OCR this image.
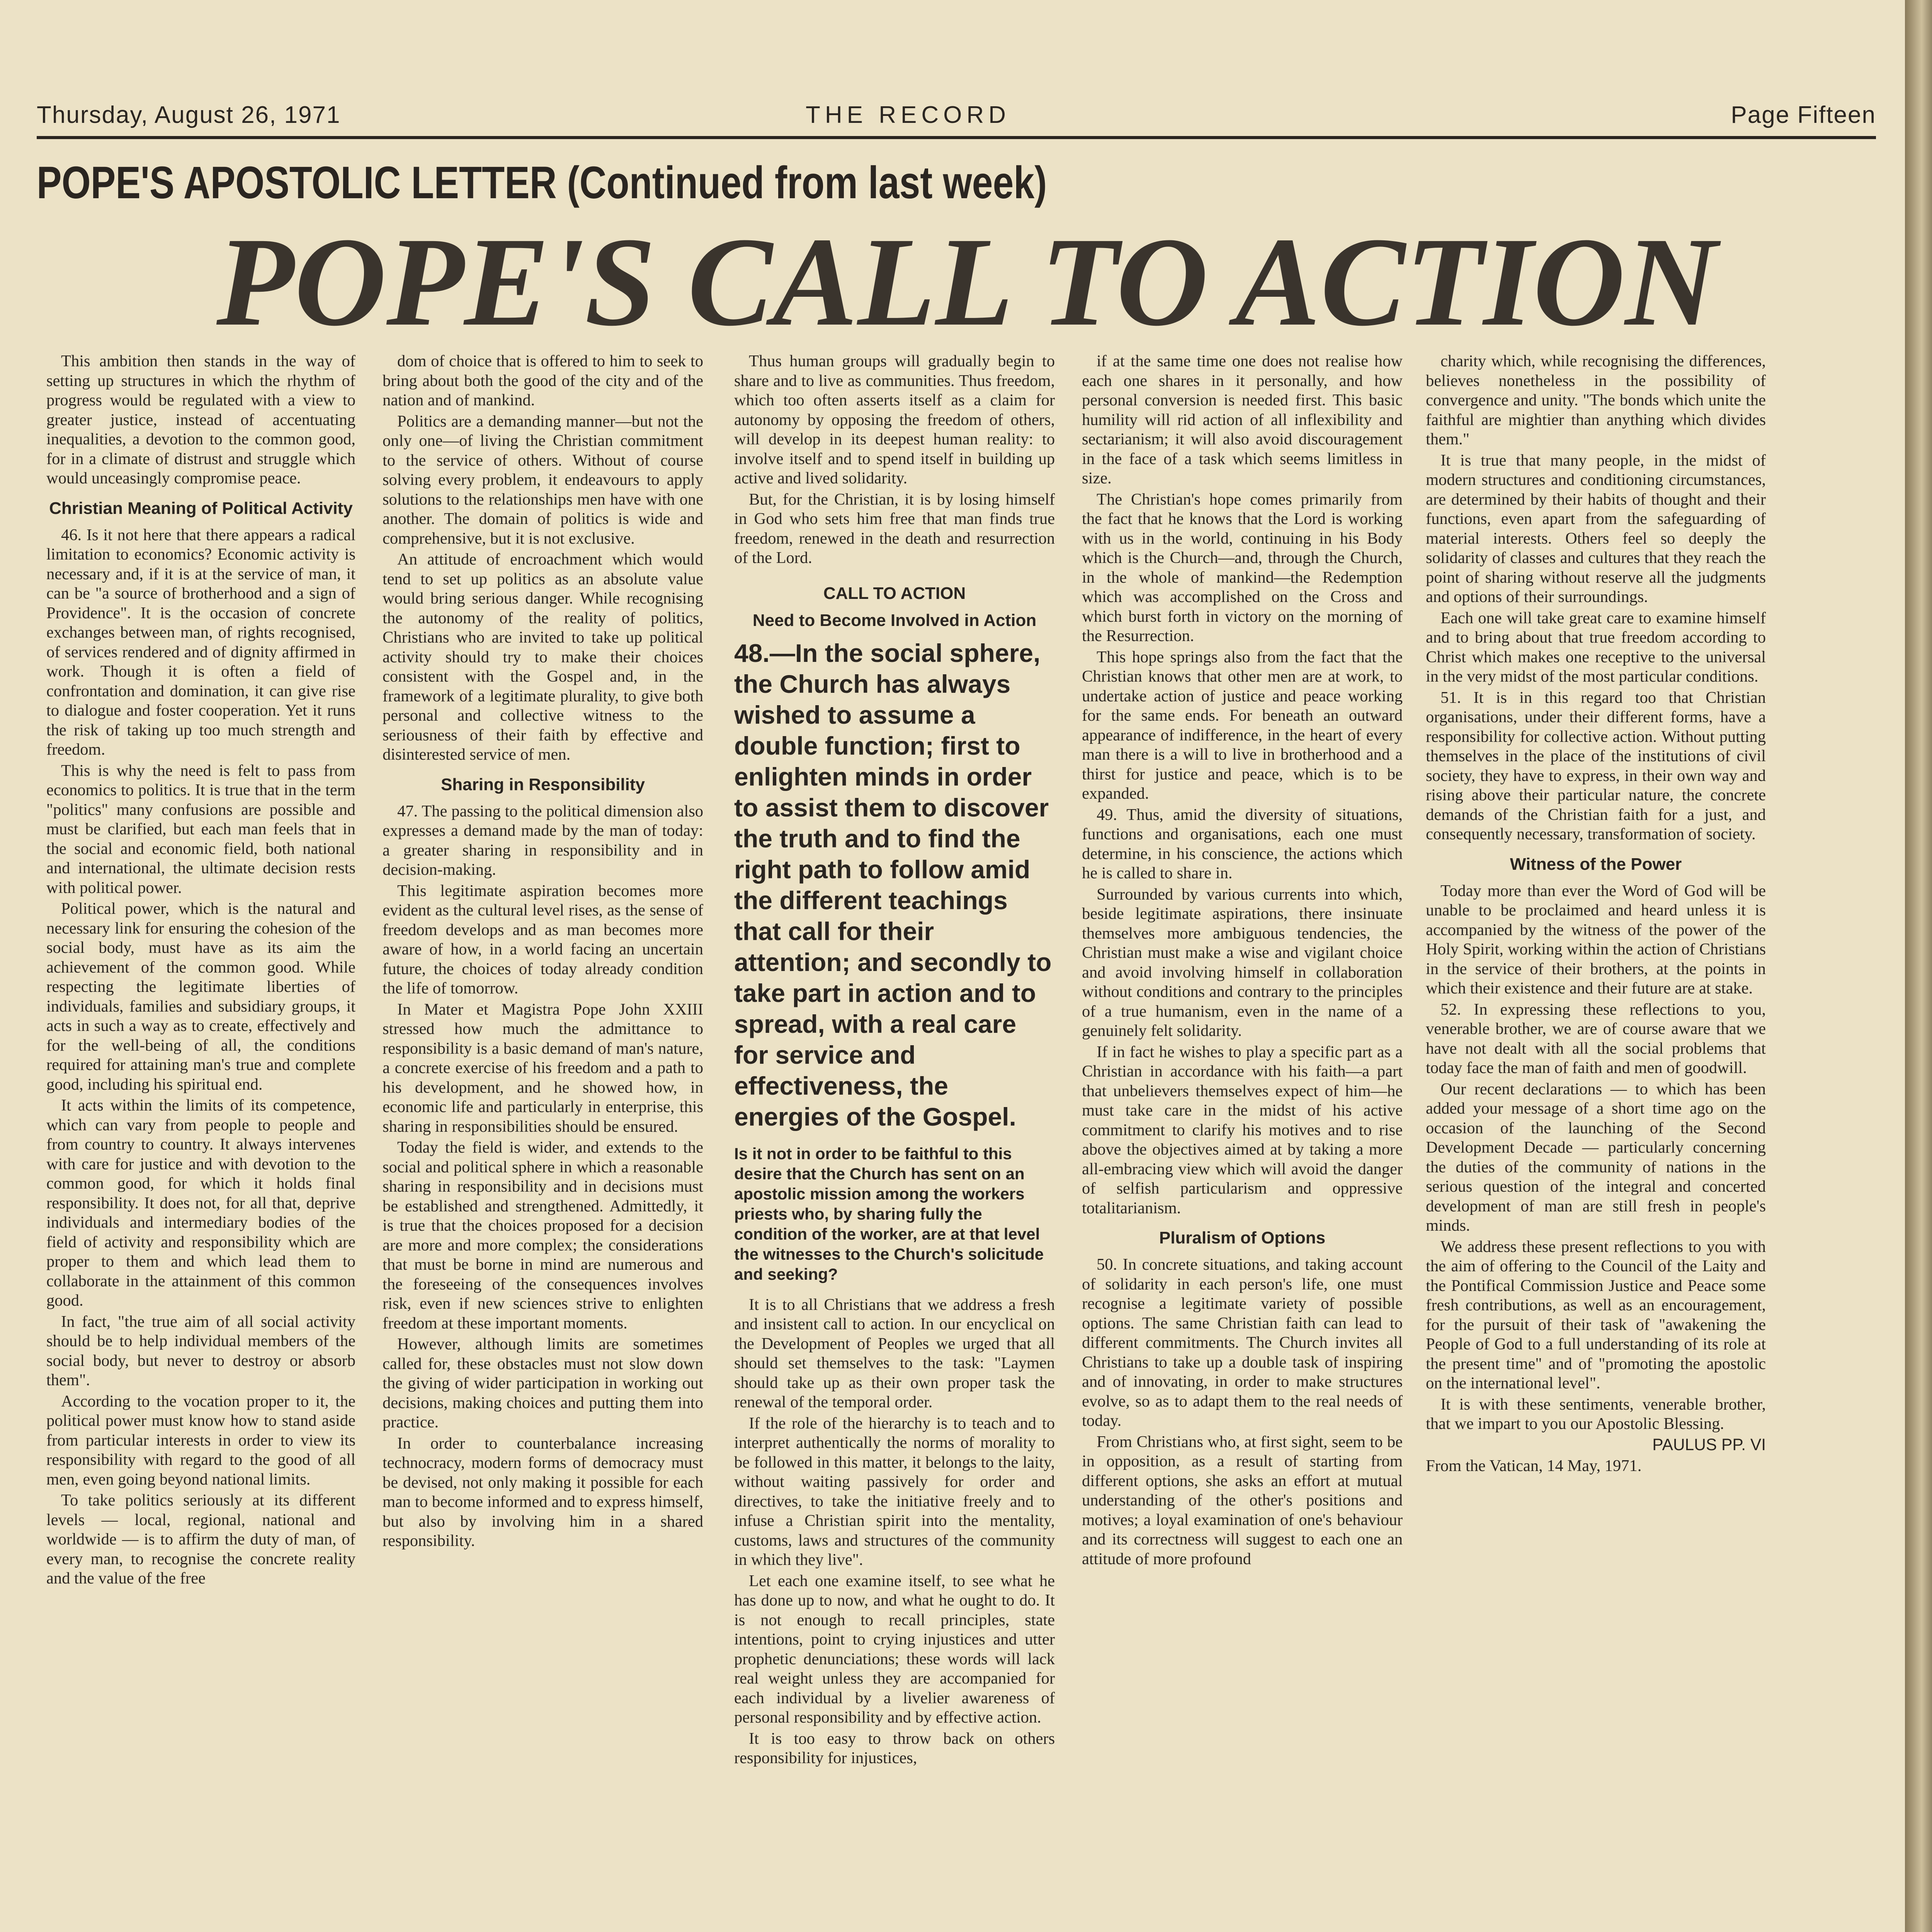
Thursday, August 26, 1971	THE RECORD	Page Fifteen
POPE'S APOSTOLIC LETTER (Continued from last week)
POPE'S CALL TO ACTION

This ambition then stands in the way of setting up structures in which the rhythm of progress would be regulated with a view to greater justice, instead of accentuating inequalities, a devotion to the common good, for in a climate of distrust and struggle which would unceasingly compromise peace.

Christian Meaning of Political Activity

46. Is it not here that there appears a radical limitation to economics? Economic activity is necessary and, if it is at the service of man, it can be "a source of brotherhood and a sign of Providence". It is the occasion of concrete exchanges between man, of rights recognised, of services rendered and of dignity affirmed in work. Though it is often a field of confrontation and domination, it can give rise to dialogue and foster cooperation. Yet it runs the risk of taking up too much strength and freedom.

This is why the need is felt to pass from economics to politics. It is true that in the term "politics" many confusions are possible and must be clarified, but each man feels that in the social and economic field, both national and international, the ultimate decision rests with political power.

Political power, which is the natural and necessary link for ensuring the cohesion of the social body, must have as its aim the achievement of the common good. While respecting the legitimate liberties of individuals, families and subsidiary groups, it acts in such a way as to create, effectively and for the well-being of all, the conditions required for attaining man's true and complete good, including his spiritual end.

It acts within the limits of its competence, which can vary from people to people and from country to country. It always intervenes with care for justice and with devotion to the common good, for which it holds final responsibility. It does not, for all that, deprive individuals and intermediary bodies of the field of activity and responsibility which are proper to them and which lead them to collaborate in the attainment of this common good.

In fact, "the true aim of all social activity should be to help individual members of the social body, but never to destroy or absorb them".

According to the vocation proper to it, the political power must know how to stand aside from particular interests in order to view its responsibility with regard to the good of all men, even going beyond national limits.

To take politics seriously at its different levels — local, regional, national and worldwide — is to affirm the duty of man, of every man, to recognise the concrete reality and the value of the free

dom of choice that is offered to him to seek to bring about both the good of the city and of the nation and of mankind.

Politics are a demanding manner—but not the only one—of living the Christian commitment to the service of others. Without of course solving every problem, it endeavours to apply solutions to the relationships men have with one another. The domain of politics is wide and comprehensive, but it is not exclusive.

An attitude of encroachment which would tend to set up politics as an absolute value would bring serious danger. While recognising the autonomy of the reality of politics, Christians who are invited to take up political activity should try to make their choices consistent with the Gospel and, in the framework of a legitimate plurality, to give both personal and collective witness to the seriousness of their faith by effective and disinterested service of men.

Sharing in Responsibility

47. The passing to the political dimension also expresses a demand made by the man of today: a greater sharing in responsibility and in decision-making.

This legitimate aspiration becomes more evident as the cultural level rises, as the sense of freedom develops and as man becomes more aware of how, in a world facing an uncertain future, the choices of today already condition the life of tomorrow.

In Mater et Magistra Pope John XXIII stressed how much the admittance to responsibility is a basic demand of man's nature, a concrete exercise of his freedom and a path to his development, and he showed how, in economic life and particularly in enterprise, this sharing in responsibilities should be ensured.

Today the field is wider, and extends to the social and political sphere in which a reasonable sharing in responsibility and in decisions must be established and strengthened. Admittedly, it is true that the choices proposed for a decision are more and more complex; the considerations that must be borne in mind are numerous and the foreseeing of the consequences involves risk, even if new sciences strive to enlighten freedom at these important moments.

However, although limits are sometimes called for, these obstacles must not slow down the giving of wider participation in working out decisions, making choices and putting them into practice.

In order to counterbalance increasing technocracy, modern forms of democracy must be devised, not only making it possible for each man to become informed and to express himself, but also by involving him in a shared responsibility.

Thus human groups will gradually begin to share and to live as communities. Thus freedom, which too often asserts itself as a claim for autonomy by opposing the freedom of others, will develop in its deepest human reality: to involve itself and to spend itself in building up active and lived solidarity.

But, for the Christian, it is by losing himself in God who sets him free that man finds true freedom, renewed in the death and resurrection of the Lord.

CALL TO ACTION
Need to Become Involved in Action

48.—In the social sphere, the Church has always wished to assume a double function; first to enlighten minds in order to assist them to discover the truth and to find the right path to follow amid the different teachings that call for their attention; and secondly to take part in action and to spread, with a real care for service and effectiveness, the energies of the Gospel.

Is it not in order to be faithful to this desire that the Church has sent on an apostolic mission among the workers priests who, by sharing fully the condition of the worker, are at that level the witnesses to the Church's solicitude and seeking?

It is to all Christians that we address a fresh and insistent call to action. In our encyclical on the Development of Peoples we urged that all should set themselves to the task: "Laymen should take up as their own proper task the renewal of the temporal order.

If the role of the hierarchy is to teach and to interpret authentically the norms of morality to be followed in this matter, it belongs to the laity, without waiting passively for order and directives, to take the initiative freely and to infuse a Christian spirit into the mentality, customs, laws and structures of the community in which they live".

Let each one examine itself, to see what he has done up to now, and what he ought to do. It is not enough to recall principles, state intentions, point to crying injustices and utter prophetic denunciations; these words will lack real weight unless they are accompanied for each individual by a livelier awareness of personal responsibility and by effective action.

It is too easy to throw back on others responsibility for injustices,

if at the same time one does not realise how each one shares in it personally, and how personal conversion is needed first. This basic humility will rid action of all inflexibility and sectarianism; it will also avoid discouragement in the face of a task which seems limitless in size.

The Christian's hope comes primarily from the fact that he knows that the Lord is working with us in the world, continuing in his Body which is the Church—and, through the Church, in the whole of mankind—the Redemption which was accomplished on the Cross and which burst forth in victory on the morning of the Resurrection.

This hope springs also from the fact that the Christian knows that other men are at work, to undertake action of justice and peace working for the same ends. For beneath an outward appearance of indifference, in the heart of every man there is a will to live in brotherhood and a thirst for justice and peace, which is to be expanded.

49. Thus, amid the diversity of situations, functions and organisations, each one must determine, in his conscience, the actions which he is called to share in.

Surrounded by various currents into which, beside legitimate aspirations, there insinuate themselves more ambiguous tendencies, the Christian must make a wise and vigilant choice and avoid involving himself in collaboration without conditions and contrary to the principles of a true humanism, even in the name of a genuinely felt solidarity.

If in fact he wishes to play a specific part as a Christian in accordance with his faith—a part that unbelievers themselves expect of him—he must take care in the midst of his active commitment to clarify his motives and to rise above the objectives aimed at by taking a more all-embracing view which will avoid the danger of selfish particularism and oppressive totalitarianism.

Pluralism of Options

50. In concrete situations, and taking account of solidarity in each person's life, one must recognise a legitimate variety of possible options. The same Christian faith can lead to different commitments. The Church invites all Christians to take up a double task of inspiring and of innovating, in order to make structures evolve, so as to adapt them to the real needs of today.

From Christians who, at first sight, seem to be in opposition, as a result of starting from different options, she asks an effort at mutual understanding of the other's positions and motives; a loyal examination of one's behaviour and its correctness will suggest to each one an attitude of more profound

charity which, while recognising the differences, believes nonetheless in the possibility of convergence and unity. "The bonds which unite the faithful are mightier than anything which divides them."

It is true that many people, in the midst of modern structures and conditioning circumstances, are determined by their habits of thought and their functions, even apart from the safeguarding of material interests. Others feel so deeply the solidarity of classes and cultures that they reach the point of sharing without reserve all the judgments and options of their surroundings.

Each one will take great care to examine himself and to bring about that true freedom according to Christ which makes one receptive to the universal in the very midst of the most particular conditions.

51. It is in this regard too that Christian organisations, under their different forms, have a responsibility for collective action. Without putting themselves in the place of the institutions of civil society, they have to express, in their own way and rising above their particular nature, the concrete demands of the Christian faith for a just, and consequently necessary, transformation of society.

Witness of the Power

Today more than ever the Word of God will be unable to be proclaimed and heard unless it is accompanied by the witness of the power of the Holy Spirit, working within the action of Christians in the service of their brothers, at the points in which their existence and their future are at stake.

52. In expressing these reflections to you, venerable brother, we are of course aware that we have not dealt with all the social problems that today face the man of faith and men of goodwill.

Our recent declarations — to which has been added your message of a short time ago on the occasion of the launching of the Second Development Decade — particularly concerning the duties of the community of nations in the serious question of the integral and concerted development of man are still fresh in people's minds.

We address these present reflections to you with the aim of offering to the Council of the Laity and the Pontifical Commission Justice and Peace some fresh contributions, as well as an encouragement, for the pursuit of their task of "awakening the People of God to a full understanding of its role at the present time" and of "promoting the apostolic on the international level".

It is with these sentiments, venerable brother, that we impart to you our Apostolic Blessing.

PAULUS PP. VI

From the Vatican, 14 May, 1971.
